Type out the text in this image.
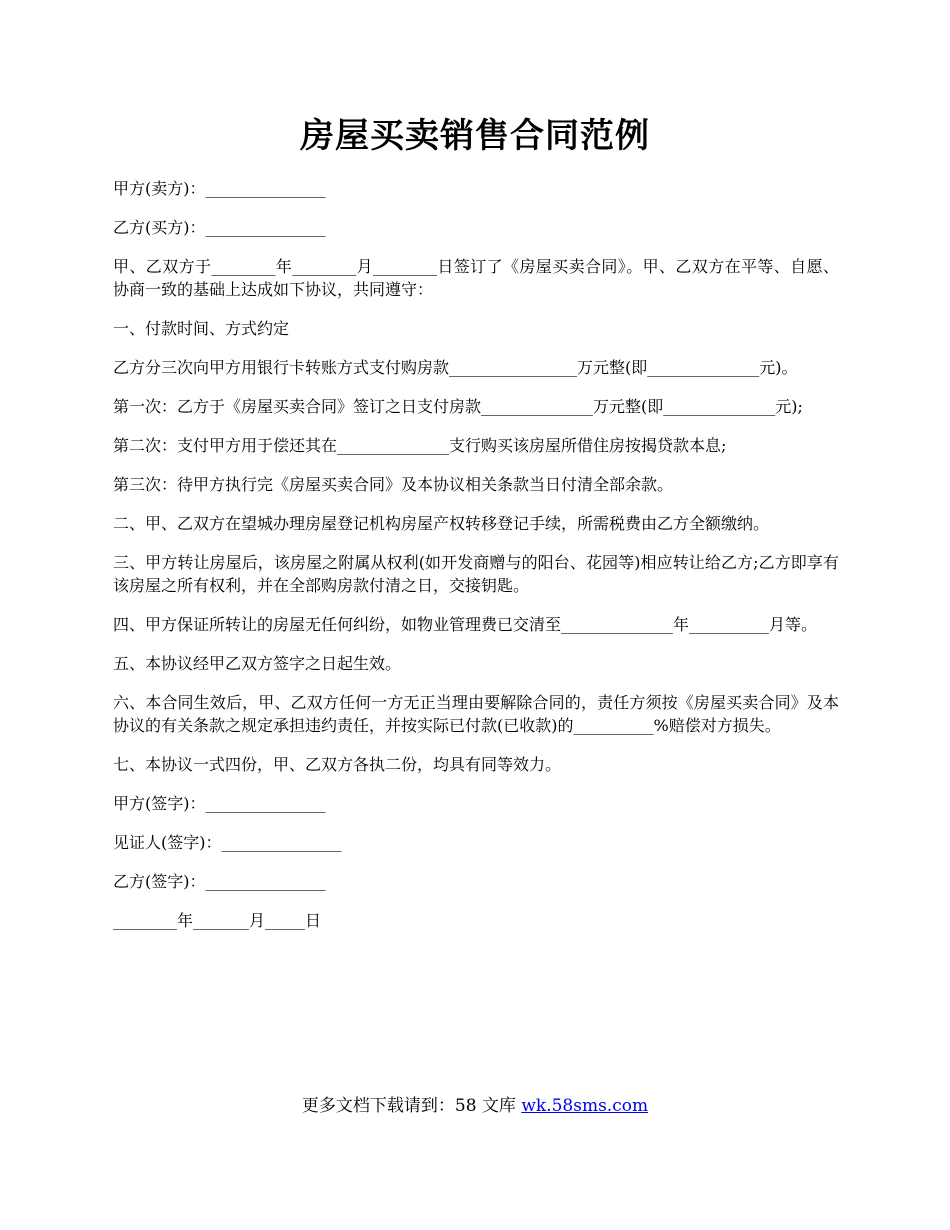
房屋买卖销售合同范例

甲方(卖方)：_______________

乙方(买方)：_______________

甲、乙双方于________年________月________日签订了《房屋买卖合同》。甲、乙双方在平等、自愿、协商一致的基础上达成如下协议，共同遵守：

一、付款时间、方式约定

乙方分三次向甲方用银行卡转账方式支付购房款________________万元整(即______________元)。

第一次：乙方于《房屋买卖合同》签订之日支付房款______________万元整(即______________元);

第二次：支付甲方用于偿还其在______________支行购买该房屋所借住房按揭贷款本息;

第三次：待甲方执行完《房屋买卖合同》及本协议相关条款当日付清全部余款。

二、甲、乙双方在望城办理房屋登记机构房屋产权转移登记手续，所需税费由乙方全额缴纳。

三、甲方转让房屋后，该房屋之附属从权利(如开发商赠与的阳台、花园等)相应转让给乙方;乙方即享有该房屋之所有权利，并在全部购房款付清之日，交接钥匙。

四、甲方保证所转让的房屋无任何纠纷，如物业管理费已交清至______________年__________月等。

五、本协议经甲乙双方签字之日起生效。

六、本合同生效后，甲、乙双方任何一方无正当理由要解除合同的，责任方须按《房屋买卖合同》及本协议的有关条款之规定承担违约责任，并按实际已付款(已收款)的__________%赔偿对方损失。

七、本协议一式四份，甲、乙双方各执二份，均具有同等效力。

甲方(签字)：_______________

见证人(签字)：_______________

乙方(签字)：_______________

________年_______月_____日

更多文档下载请到：58 文库 wk.58sms.com
